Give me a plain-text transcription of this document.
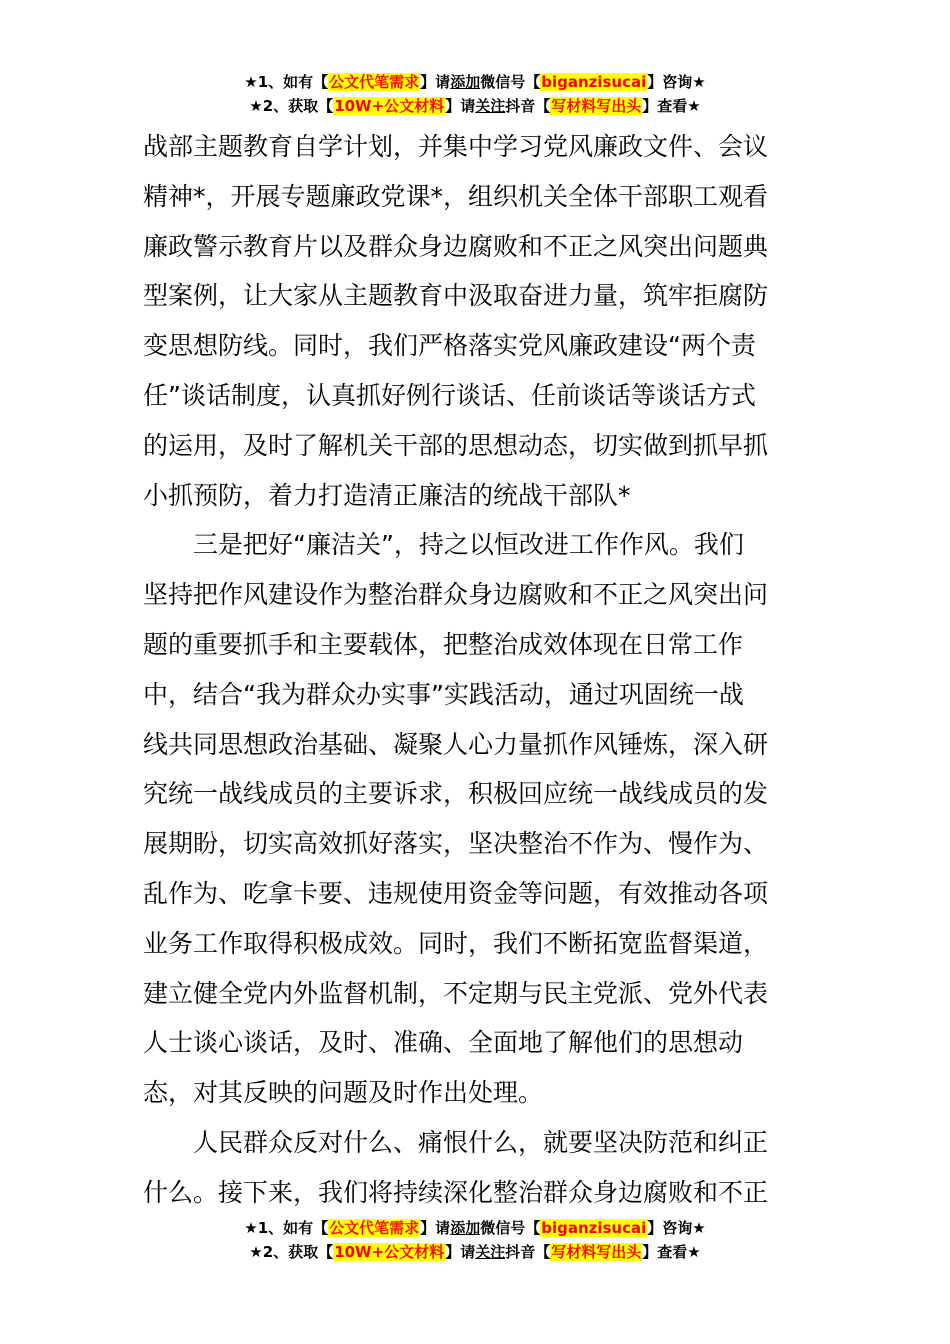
★1、如有【公文代笔需求】请添加微信号【biganzisucai】咨询★
★2、获取【10W+公文材料】请关注抖音【写材料写出头】查看★

战部主题教育自学计划，并集中学习党风廉政文件、会议
精神*，开展专题廉政党课*，组织机关全体干部职工观看
廉政警示教育片以及群众身边腐败和不正之风突出问题典
型案例，让大家从主题教育中汲取奋进力量，筑牢拒腐防
变思想防线。同时，我们严格落实党风廉政建设“两个责
任”谈话制度，认真抓好例行谈话、任前谈话等谈话方式
的运用，及时了解机关干部的思想动态，切实做到抓早抓
小抓预防，着力打造清正廉洁的统战干部队*

三是把好“廉洁关”，持之以恒改进工作作风。我们
坚持把作风建设作为整治群众身边腐败和不正之风突出问
题的重要抓手和主要载体，把整治成效体现在日常工作
中，结合“我为群众办实事”实践活动，通过巩固统一战
线共同思想政治基础、凝聚人心力量抓作风锤炼，深入研
究统一战线成员的主要诉求，积极回应统一战线成员的发
展期盼，切实高效抓好落实，坚决整治不作为、慢作为、
乱作为、吃拿卡要、违规使用资金等问题，有效推动各项
业务工作取得积极成效。同时，我们不断拓宽监督渠道，
建立健全党内外监督机制，不定期与民主党派、党外代表
人士谈心谈话，及时、准确、全面地了解他们的思想动
态，对其反映的问题及时作出处理。

人民群众反对什么、痛恨什么，就要坚决防范和纠正
什么。接下来，我们将持续深化整治群众身边腐败和不正

★1、如有【公文代笔需求】请添加微信号【biganzisucai】咨询★
★2、获取【10W+公文材料】请关注抖音【写材料写出头】查看★
